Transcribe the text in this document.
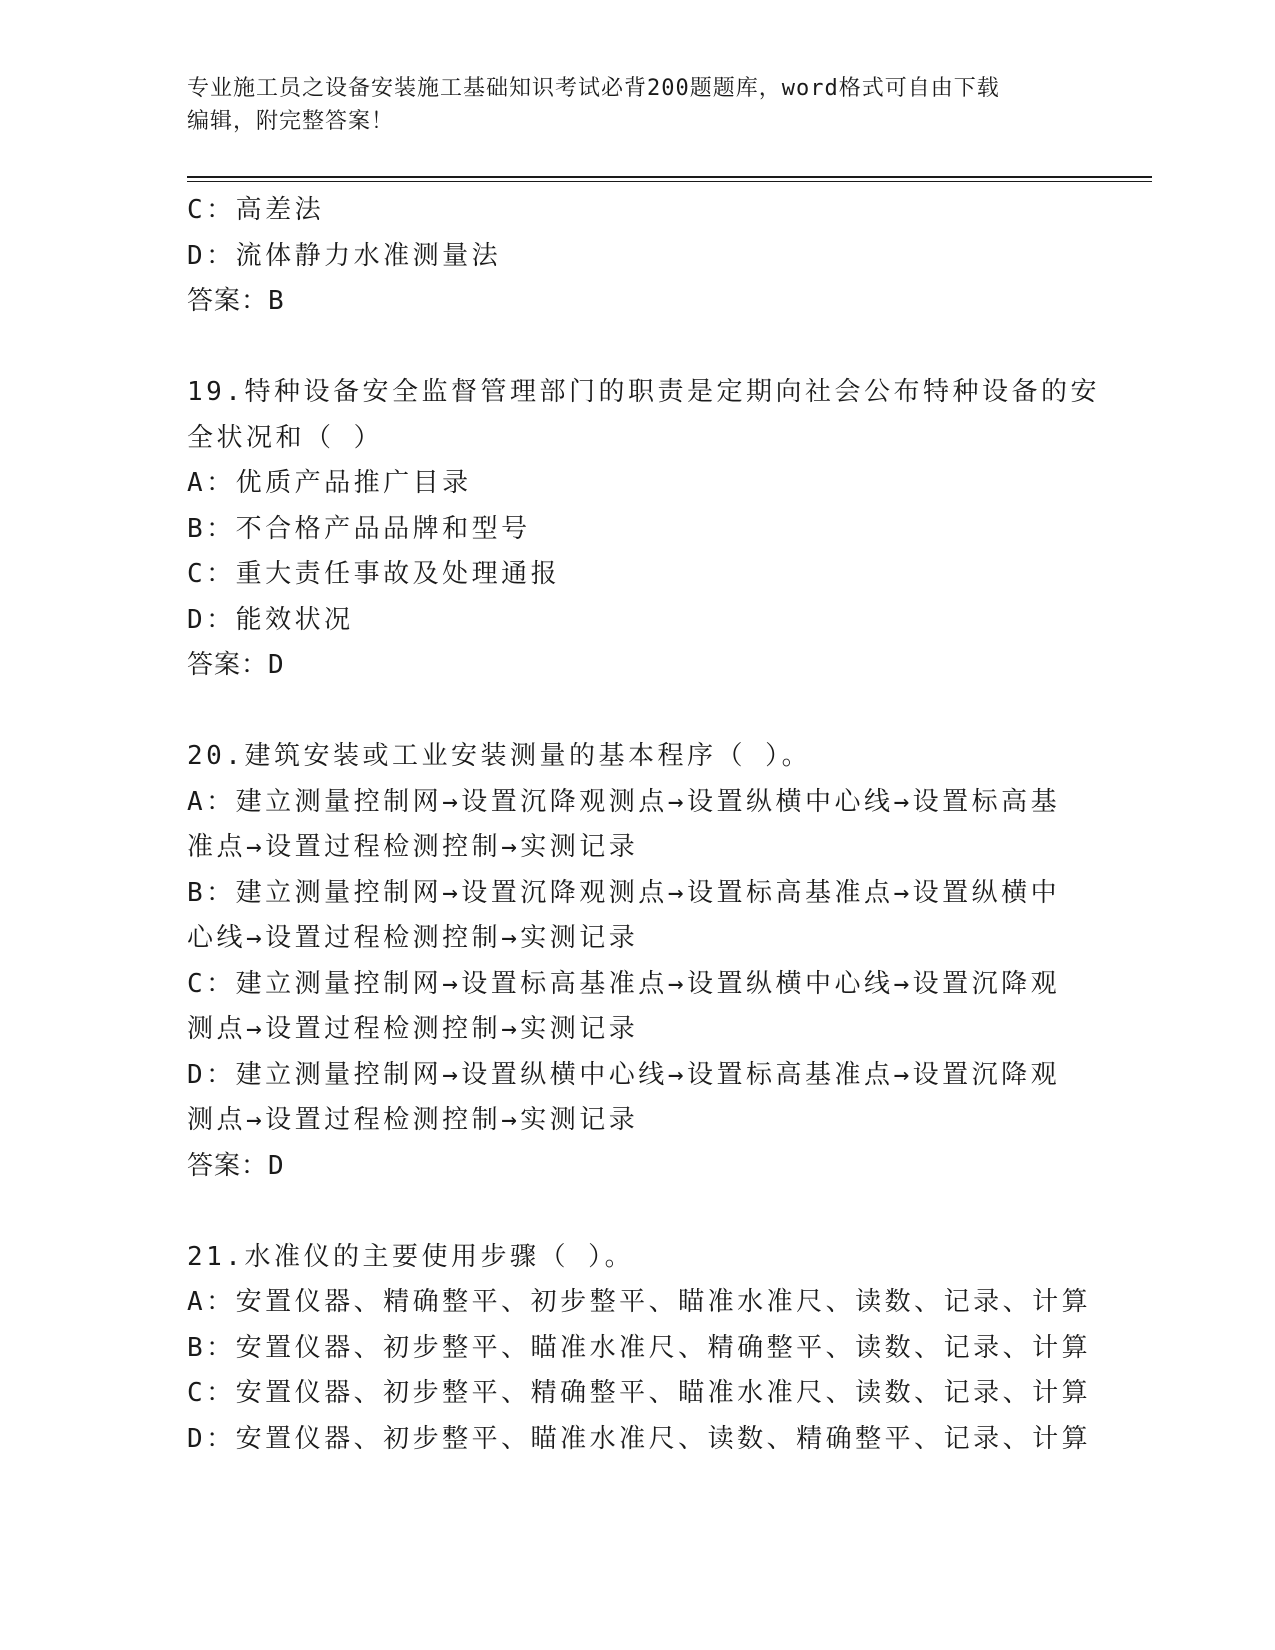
专业施工员之设备安装施工基础知识考试必背200题题库，word格式可自由下载
编辑，附完整答案！
C：高差法
D：流体静力水准测量法
答案：B
19.特种设备安全监督管理部门的职责是定期向社会公布特种设备的安
全状况和（ ）
A：优质产品推广目录
B：不合格产品品牌和型号
C：重大责任事故及处理通报
D：能效状况
答案：D
20.建筑安装或工业安装测量的基本程序（ ）。
A：建立测量控制网→设置沉降观测点→设置纵横中心线→设置标高基
准点→设置过程检测控制→实测记录
B：建立测量控制网→设置沉降观测点→设置标高基准点→设置纵横中
心线→设置过程检测控制→实测记录
C：建立测量控制网→设置标高基准点→设置纵横中心线→设置沉降观
测点→设置过程检测控制→实测记录
D：建立测量控制网→设置纵横中心线→设置标高基准点→设置沉降观
测点→设置过程检测控制→实测记录
答案：D
21.水准仪的主要使用步骤（ ）。
A：安置仪器、精确整平、初步整平、瞄准水准尺、读数、记录、计算
B：安置仪器、初步整平、瞄准水准尺、精确整平、读数、记录、计算
C：安置仪器、初步整平、精确整平、瞄准水准尺、读数、记录、计算
D：安置仪器、初步整平、瞄准水准尺、读数、精确整平、记录、计算
